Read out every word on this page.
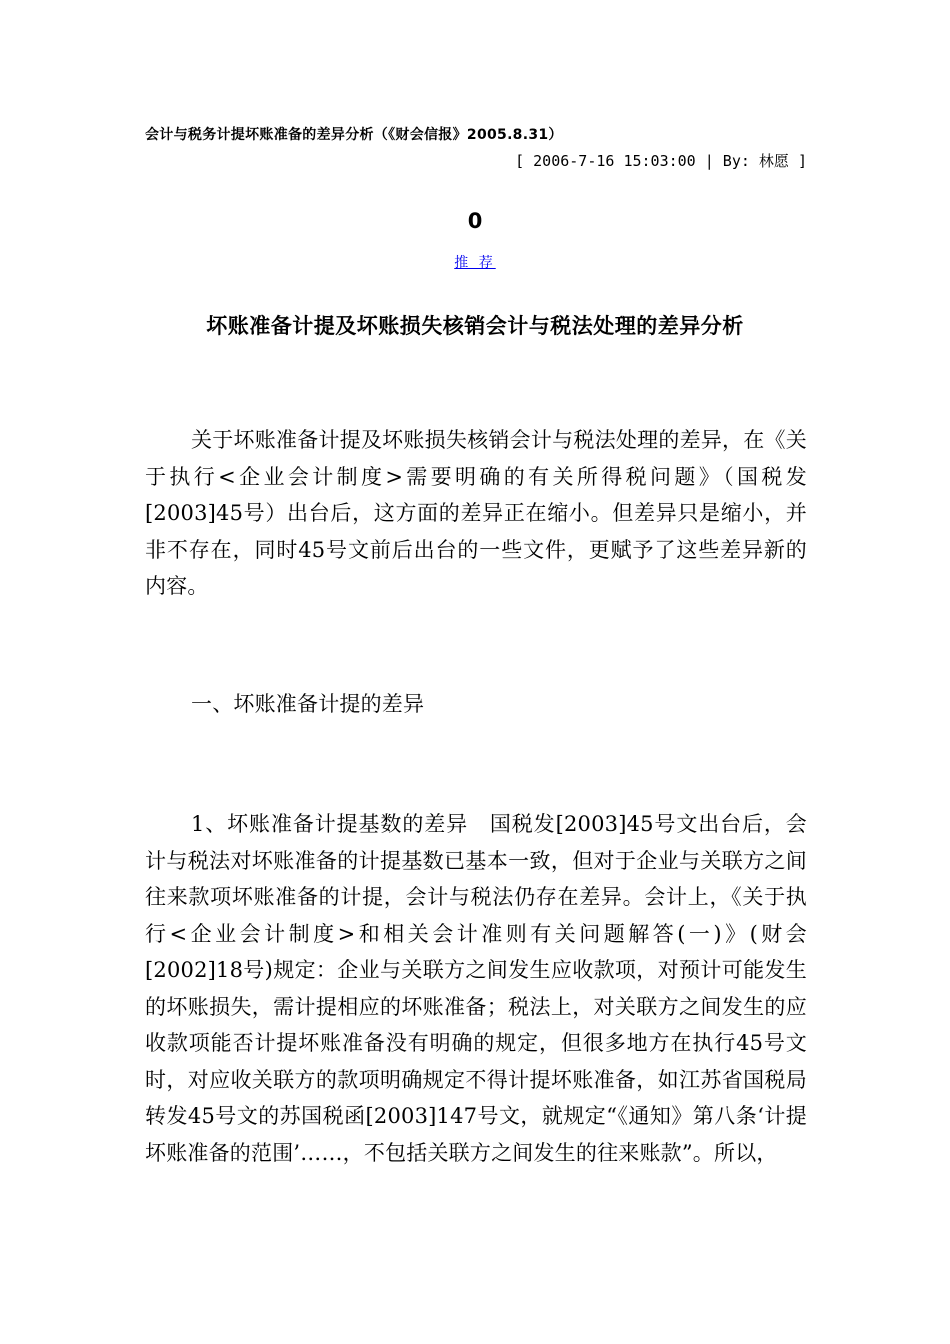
会计与税务计提坏账准备的差异分析（《财会信报》2005.8.31）
[ 2006-7-16 15:03:00 | By: 林愿 ]
0
推 荐
坏账准备计提及坏账损失核销会计与税法处理的差异分析

关于坏账准备计提及坏账损失核销会计与税法处理的差异，在《关于执行<企业会计制度>需要明确的有关所得税问题》（国税发[2003]45号）出台后，这方面的差异正在缩小。但差异只是缩小，并非不存在，同时45号文前后出台的一些文件，更赋予了这些差异新的内容。

一、坏账准备计提的差异

1、坏账准备计提基数的差异　国税发[2003]45号文出台后，会计与税法对坏账准备的计提基数已基本一致，但对于企业与关联方之间往来款项坏账准备的计提，会计与税法仍存在差异。会计上，《关于执行<企业会计制度>和相关会计准则有关问题解答(一)》(财会[2002]18号)规定：企业与关联方之间发生应收款项，对预计可能发生的坏账损失，需计提相应的坏账准备；税法上，对关联方之间发生的应收款项能否计提坏账准备没有明确的规定，但很多地方在执行45号文时，对应收关联方的款项明确规定不得计提坏账准备，如江苏省国税局转发45号文的苏国税函[2003]147号文，就规定“《通知》第八条‘计提坏账准备的范围’……，不包括关联方之间发生的往来账款”。所以，
